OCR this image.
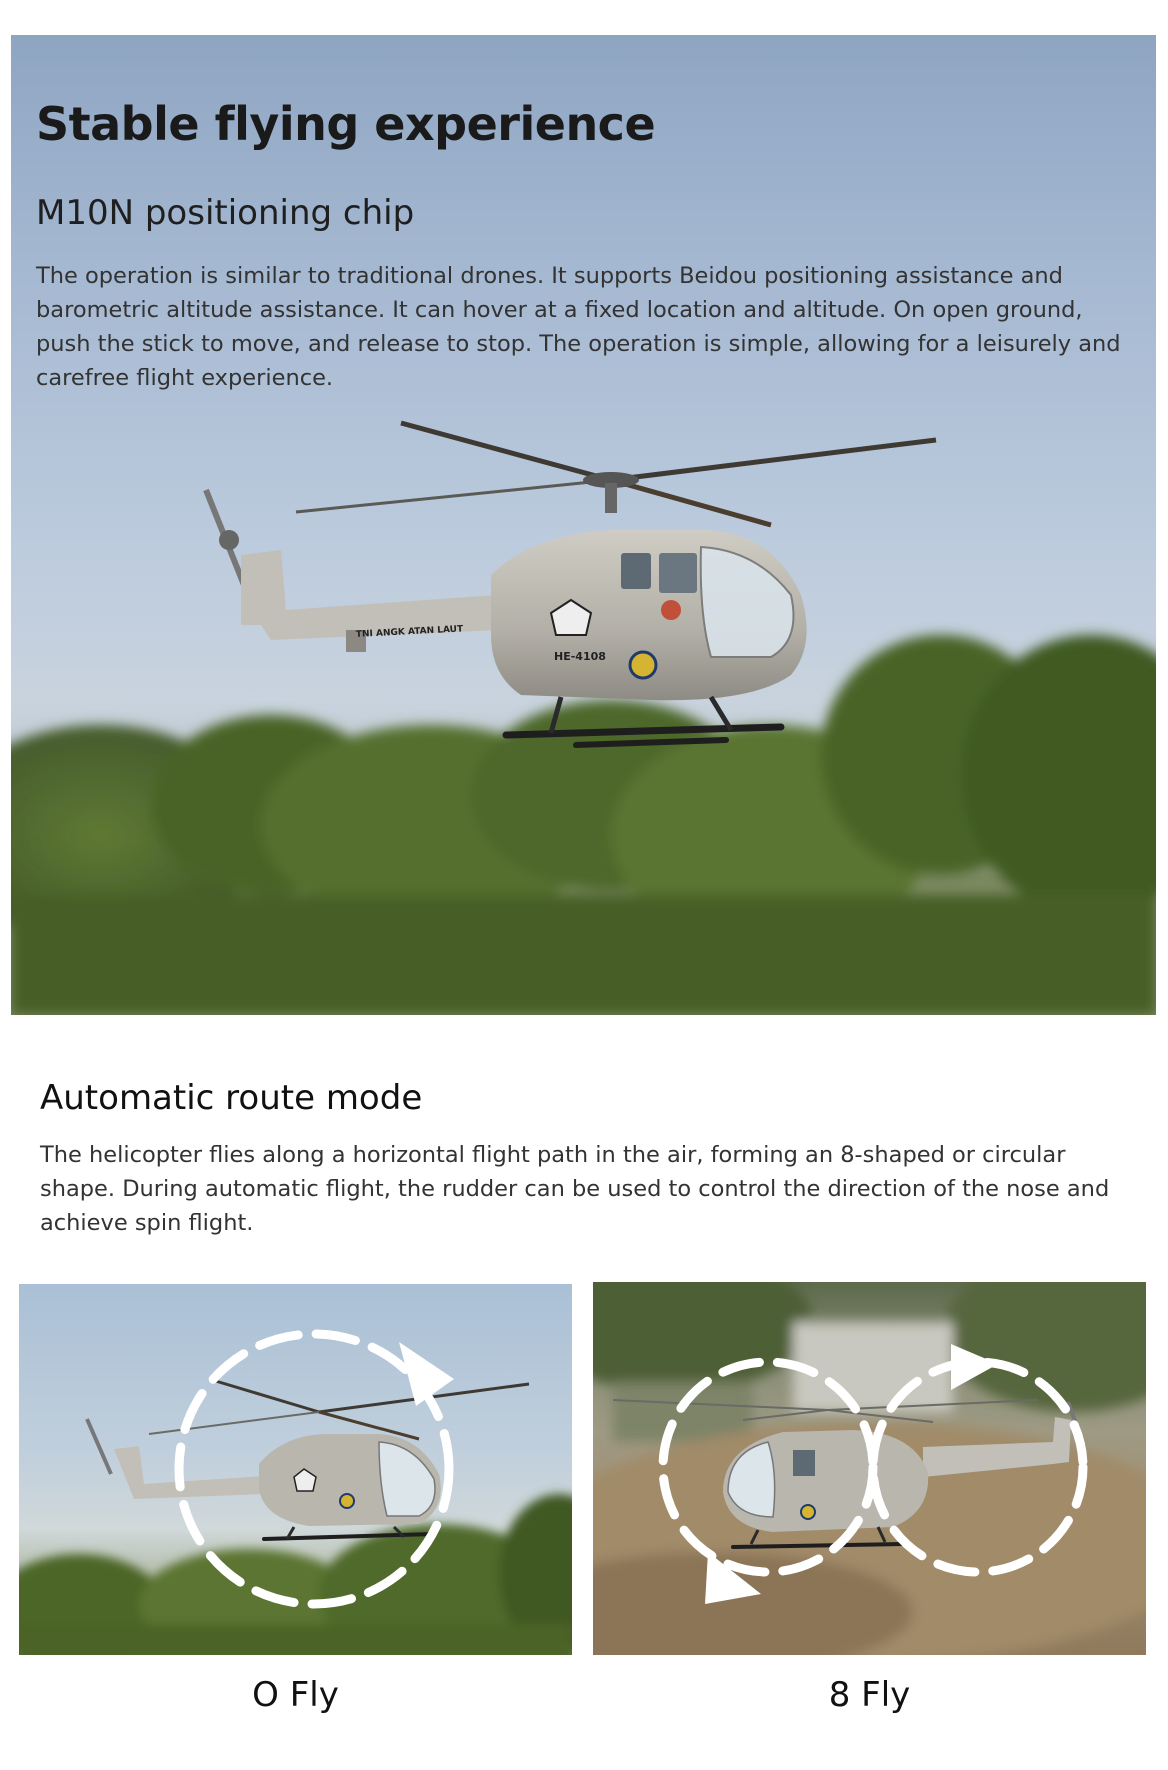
HE-4108
TNI ANGK ATAN LAUT
Stable flying experience
M10N positioning chip

The operation is similar to traditional drones. It supports Beidou positioning assistance and barometric altitude assistance. It can hover at a fixed location and altitude. On open ground, push the stick to move, and release to stop. The operation is simple, allowing for a leisurely and carefree flight experience.

Automatic route mode

The helicopter flies along a horizontal flight path in the air, forming an 8-shaped or circular shape. During automatic flight, the rudder can be used to control the direction of the nose and achieve spin flight.

O Fly	8 Fly
